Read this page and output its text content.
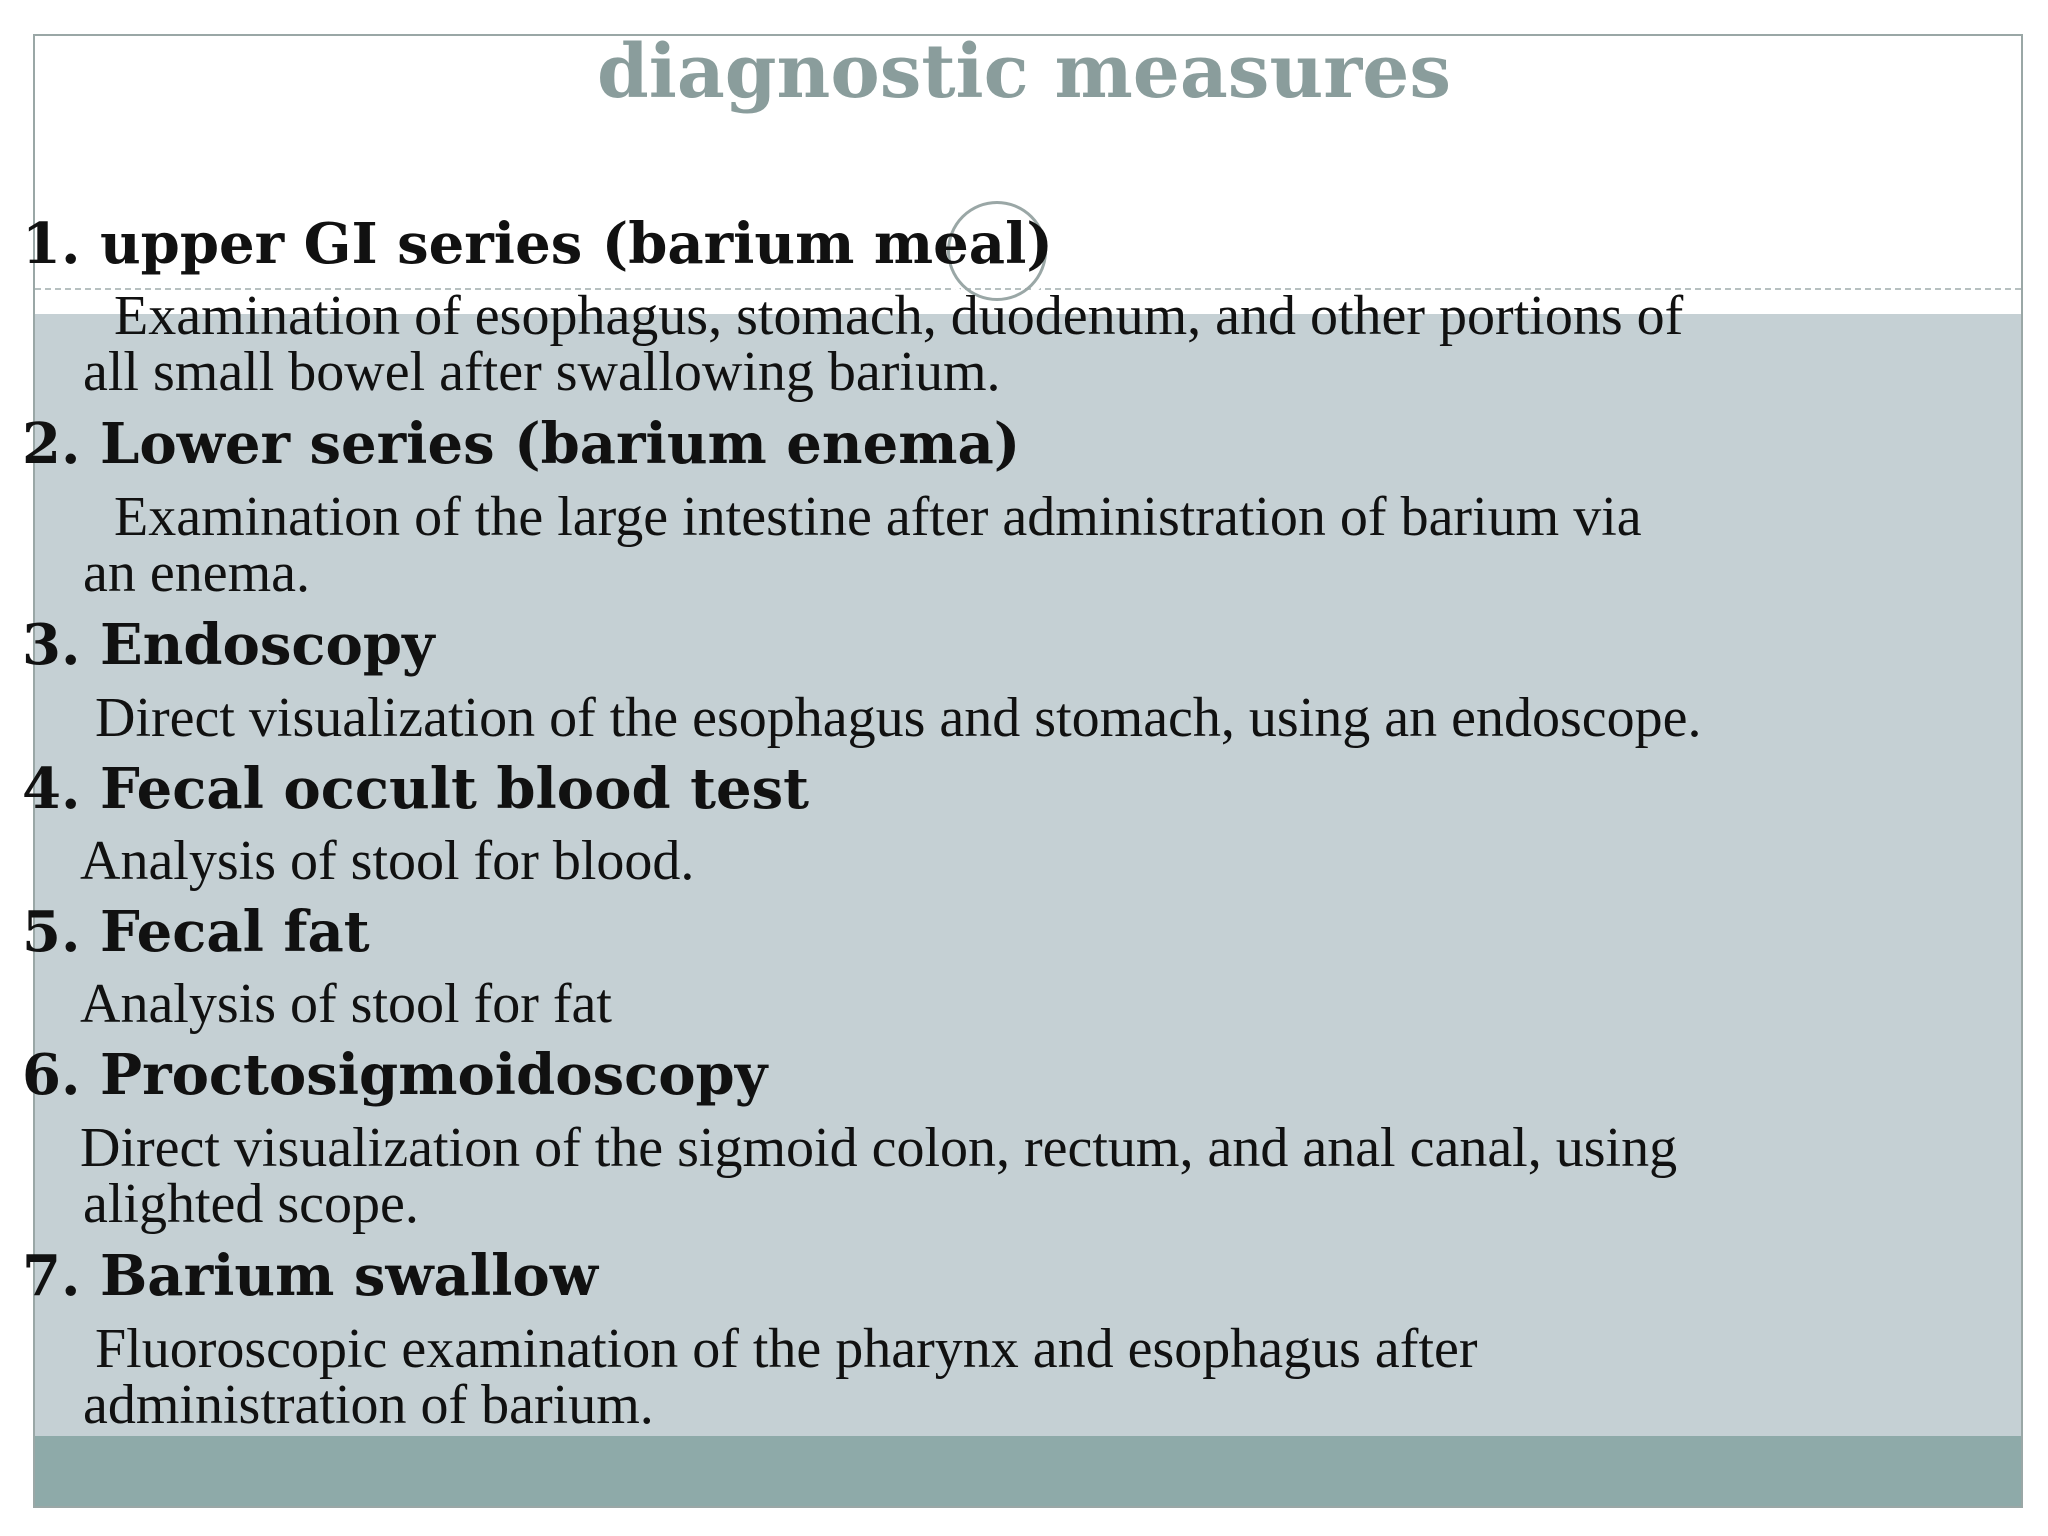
diagnostic measures
1. upper GI series (barium meal)
Examination of esophagus, stomach, duodenum, and other portions of
all small bowel after swallowing barium.
2. Lower series (barium enema)
Examination of the large intestine after administration of barium via
an enema.
3. Endoscopy
Direct visualization of the esophagus and stomach, using an endoscope.
4. Fecal occult blood test
Analysis of stool for blood.
5. Fecal fat
Analysis of stool for fat
6. Proctosigmoidoscopy
Direct visualization of the sigmoid colon, rectum, and anal canal, using
alighted scope.
7. Barium swallow
Fluoroscopic examination of the pharynx and esophagus after
administration of barium.
